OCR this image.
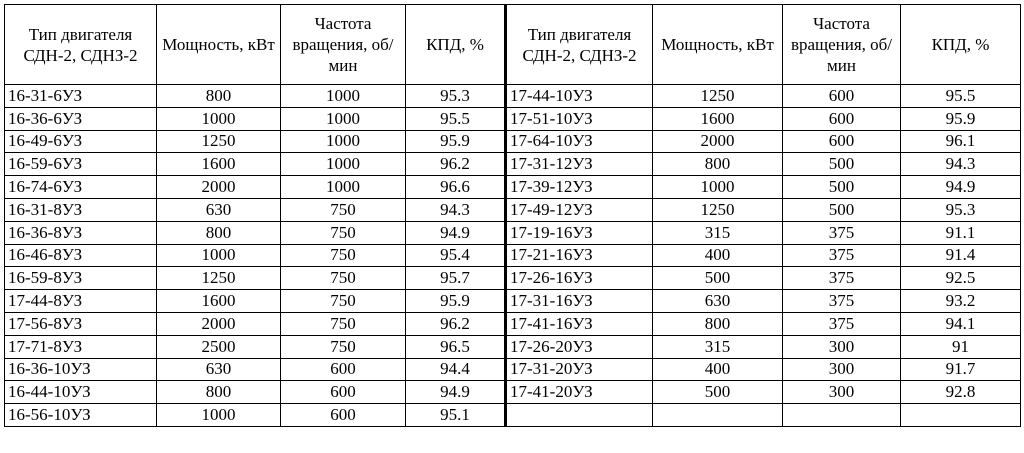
Тип двигателя СДН-2, СДНЗ-2	Мощность, кВт	Частота вращения, об/мин	КПД, %	Тип двигателя СДН-2, СДНЗ-2	Мощность, кВт	Частота вращения, об/мин	КПД, %
16-31-6УЗ	800	1000	95.3	17-44-10УЗ	1250	600	95.5
16-36-6УЗ	1000	1000	95.5	17-51-10УЗ	1600	600	95.9
16-49-6УЗ	1250	1000	95.9	17-64-10УЗ	2000	600	96.1
16-59-6УЗ	1600	1000	96.2	17-31-12УЗ	800	500	94.3
16-74-6УЗ	2000	1000	96.6	17-39-12УЗ	1000	500	94.9
16-31-8УЗ	630	750	94.3	17-49-12УЗ	1250	500	95.3
16-36-8УЗ	800	750	94.9	17-19-16УЗ	315	375	91.1
16-46-8УЗ	1000	750	95.4	17-21-16УЗ	400	375	91.4
16-59-8УЗ	1250	750	95.7	17-26-16УЗ	500	375	92.5
17-44-8УЗ	1600	750	95.9	17-31-16УЗ	630	375	93.2
17-56-8УЗ	2000	750	96.2	17-41-16УЗ	800	375	94.1
17-71-8УЗ	2500	750	96.5	17-26-20УЗ	315	300	91
16-36-10УЗ	630	600	94.4	17-31-20УЗ	400	300	91.7
16-44-10УЗ	800	600	94.9	17-41-20УЗ	500	300	92.8
16-56-10УЗ	1000	600	95.1				
